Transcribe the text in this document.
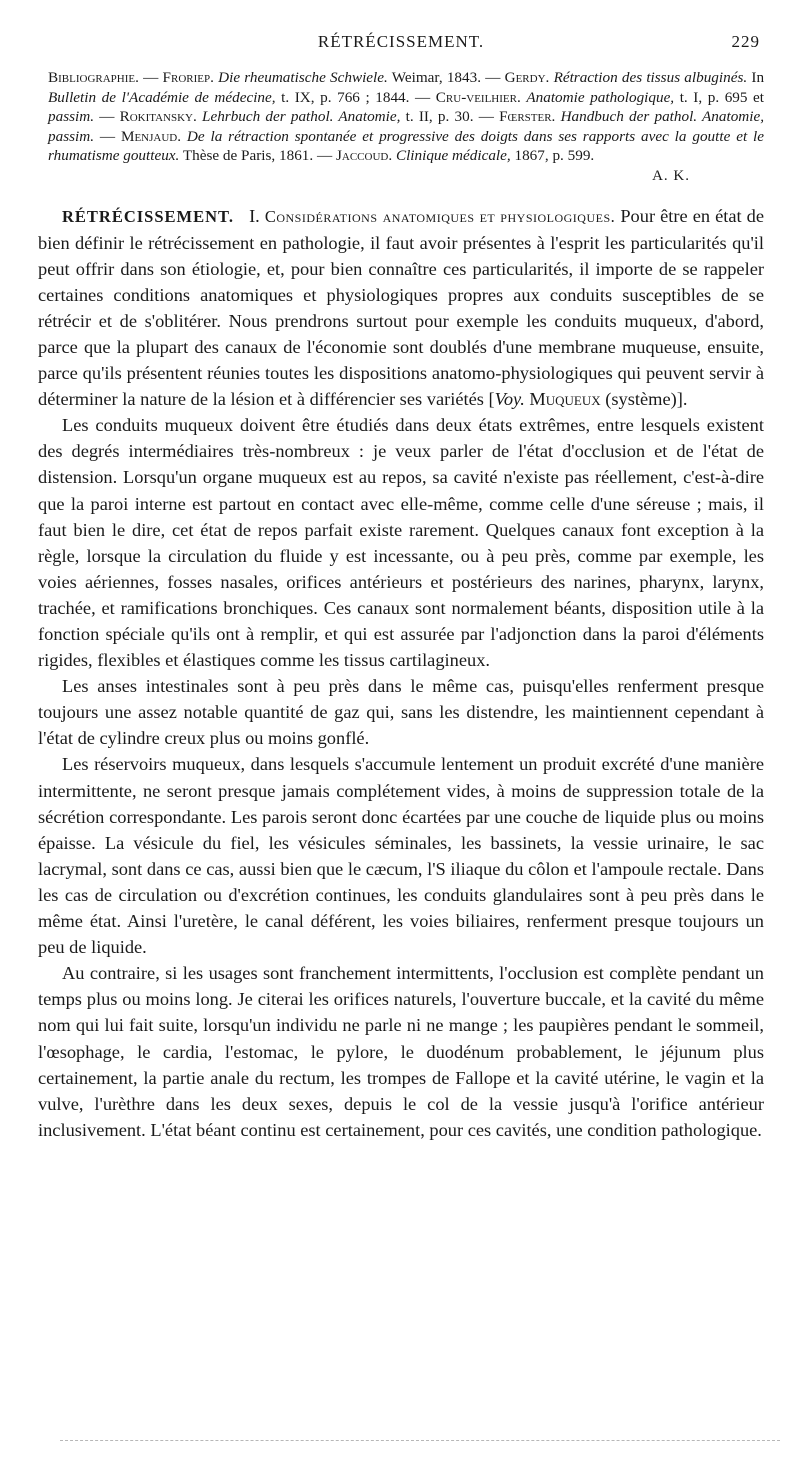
RÉTRÉCISSEMENT.	229
Bibliographie. — Froriep. Die rheumatische Schwiele. Weimar, 1843. — Gerdy. Rétraction des tissus albuginés. In Bulletin de l'Académie de médecine, t. IX, p. 766 ; 1844. — Cru-veilhier. Anatomie pathologique, t. I, p. 695 et passim. — Rokitansky. Lehrbuch der pathol. Anatomie, t. II, p. 30. — Fœrster. Handbuch der pathol. Anatomie, passim. — Menjaud. De la rétraction spontanée et progressive des doigts dans ses rapports avec la goutte et le rhumatisme goutteux. Thèse de Paris, 1861. — Jaccoud. Clinique médicale, 1867, p. 599.
A. K.

RÉTRÉCISSEMENT. I. Considérations anatomiques et physiologiques. Pour être en état de bien définir le rétrécissement en pathologie, il faut avoir présentes à l'esprit les particularités qu'il peut offrir dans son étiologie, et, pour bien connaître ces particularités, il importe de se rappeler certaines conditions anatomiques et physiologiques propres aux conduits susceptibles de se rétrécir et de s'oblitérer. Nous prendrons surtout pour exemple les conduits muqueux, d'abord, parce que la plupart des canaux de l'économie sont doublés d'une membrane muqueuse, ensuite, parce qu'ils présentent réunies toutes les dispositions anatomo-physiologiques qui peuvent servir à déterminer la nature de la lésion et à différencier ses variétés [Voy. Muqueux (système)].

Les conduits muqueux doivent être étudiés dans deux états extrêmes, entre lesquels existent des degrés intermédiaires très-nombreux : je veux parler de l'état d'occlusion et de l'état de distension. Lorsqu'un organe muqueux est au repos, sa cavité n'existe pas réellement, c'est-à-dire que la paroi interne est partout en contact avec elle-même, comme celle d'une séreuse ; mais, il faut bien le dire, cet état de repos parfait existe rarement. Quelques canaux font exception à la règle, lorsque la circulation du fluide y est incessante, ou à peu près, comme par exemple, les voies aériennes, fosses nasales, orifices antérieurs et postérieurs des narines, pharynx, larynx, trachée, et ramifications bronchiques. Ces canaux sont normalement béants, disposition utile à la fonction spéciale qu'ils ont à remplir, et qui est assurée par l'adjonction dans la paroi d'éléments rigides, flexibles et élastiques comme les tissus cartilagineux.

Les anses intestinales sont à peu près dans le même cas, puisqu'elles renferment presque toujours une assez notable quantité de gaz qui, sans les distendre, les maintiennent cependant à l'état de cylindre creux plus ou moins gonflé.

Les réservoirs muqueux, dans lesquels s'accumule lentement un produit excrété d'une manière intermittente, ne seront presque jamais complétement vides, à moins de suppression totale de la sécrétion correspondante. Les parois seront donc écartées par une couche de liquide plus ou moins épaisse. La vésicule du fiel, les vésicules séminales, les bassinets, la vessie urinaire, le sac lacrymal, sont dans ce cas, aussi bien que le cæcum, l'S iliaque du côlon et l'ampoule rectale. Dans les cas de circulation ou d'excrétion continues, les conduits glandulaires sont à peu près dans le même état. Ainsi l'uretère, le canal déférent, les voies biliaires, renferment presque toujours un peu de liquide.

Au contraire, si les usages sont franchement intermittents, l'occlusion est complète pendant un temps plus ou moins long. Je citerai les orifices naturels, l'ouverture buccale, et la cavité du même nom qui lui fait suite, lorsqu'un individu ne parle ni ne mange ; les paupières pendant le sommeil, l'œsophage, le cardia, l'estomac, le pylore, le duodénum probablement, le jéjunum plus certainement, la partie anale du rectum, les trompes de Fallope et la cavité utérine, le vagin et la vulve, l'urèthre dans les deux sexes, depuis le col de la vessie jusqu'à l'orifice antérieur inclusivement. L'état béant continu est certainement, pour ces cavités, une condition pathologique.
